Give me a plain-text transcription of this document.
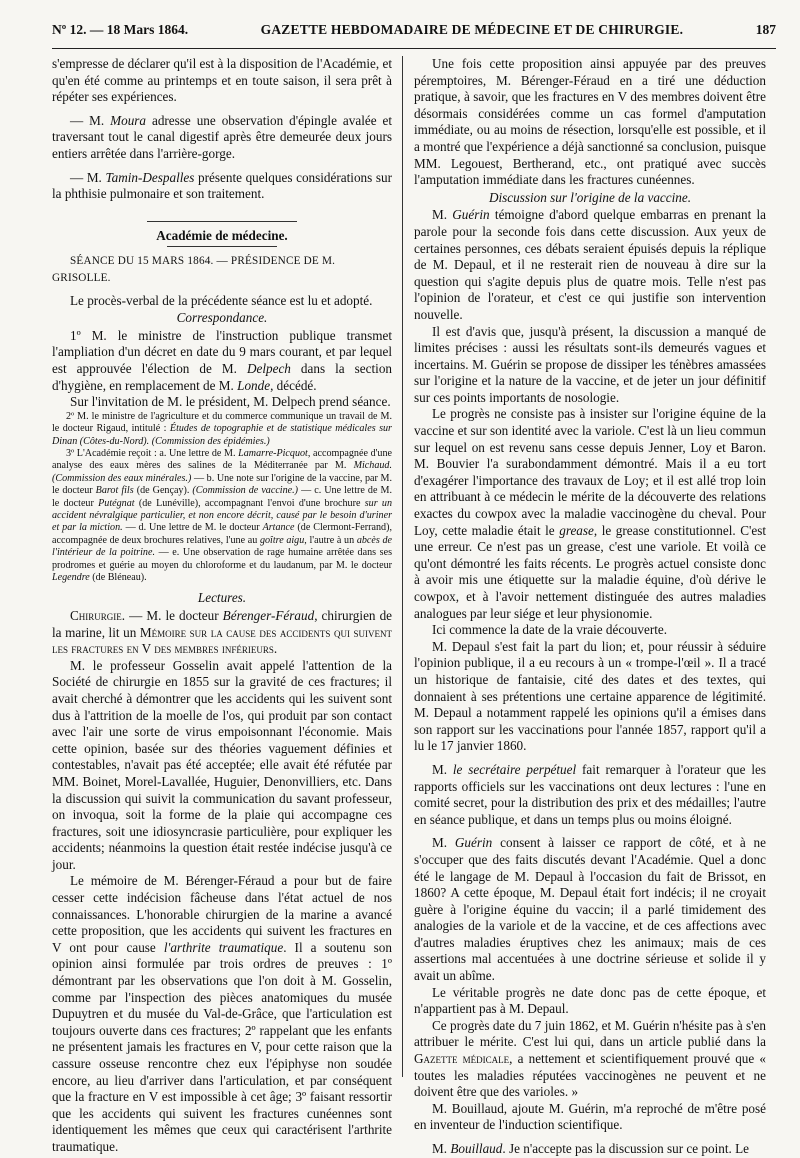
Nº 12. — 18 Mars 1864.	GAZETTE HEBDOMADAIRE DE MÉDECINE ET DE CHIRURGIE.	187

s'empresse de déclarer qu'il est à la disposition de l'Académie, et qu'en été comme au printemps et en toute saison, il sera prêt à répéter ses expériences.

— M. Moura adresse une observation d'épingle avalée et traversant tout le canal digestif après être demeurée deux jours entiers arrêtée dans l'arrière-gorge.

— M. Tamin-Despalles présente quelques considérations sur la phthisie pulmonaire et son traitement.

Académie de médecine.
SÉANCE DU 15 MARS 1864. — PRÉSIDENCE DE M. GRISOLLE.

Le procès-verbal de la précédente séance est lu et adopté.

Correspondance.

1º M. le ministre de l'instruction publique transmet l'ampliation d'un décret en date du 9 mars courant, et par lequel est approuvée l'élection de M. Delpech dans la section d'hygiène, en remplacement de M. Londe, décédé.

Sur l'invitation de M. le président, M. Delpech prend séance.

2º M. le ministre de l'agriculture et du commerce communique un travail de M. le docteur Rigaud, intitulé : Études de topographie et de statistique médicales sur Dinan (Côtes-du-Nord). (Commission des épidémies.)

3º L'Académie reçoit : a. Une lettre de M. Lamarre-Picquot, accompagnée d'une analyse des eaux mères des salines de la Méditerranée par M. Michaud. (Commission des eaux minérales.) — b. Une note sur l'origine de la vaccine, par M. le docteur Barot fils (de Gençay). (Commission de vaccine.) — c. Une lettre de M. le docteur Putégnat (de Lunéville), accompagnant l'envoi d'une brochure sur un accident névralgique particulier, et non encore décrit, causé par le besoin d'uriner et par la miction. — d. Une lettre de M. le docteur Artance (de Clermont-Ferrand), accompagnée de deux brochures relatives, l'une au goître aigu, l'autre à un abcès de l'intérieur de la poitrine. — e. Une observation de rage humaine arrêtée dans ses prodromes et guérie au moyen du chloroforme et du laudanum, par M. le docteur Legendre (de Bléneau).

Lectures.

Chirurgie. — M. le docteur Bérenger-Féraud, chirurgien de la marine, lit un Mémoire sur la cause des accidents qui suivent les fractures en V des membres inférieurs.

M. le professeur Gosselin avait appelé l'attention de la Société de chirurgie en 1855 sur la gravité de ces fractures; il avait cherché à démontrer que les accidents qui les suivent sont dus à l'attrition de la moelle de l'os, qui produit par son contact avec l'air une sorte de virus empoisonnant l'économie. Mais cette opinion, basée sur des théories vaguement définies et contestables, n'avait pas été acceptée; elle avait été réfutée par MM. Boinet, Morel-Lavallée, Huguier, Denonvilliers, etc. Dans la discussion qui suivit la communication du savant professeur, on invoqua, soit la forme de la plaie qui accompagne ces fractures, soit une idiosyncrasie particulière, pour expliquer les accidents; néanmoins la question était restée indécise jusqu'à ce jour.

Le mémoire de M. Bérenger-Féraud a pour but de faire cesser cette indécision fâcheuse dans l'état actuel de nos connaissances. L'honorable chirurgien de la marine a avancé cette proposition, que les accidents qui suivent les fractures en V ont pour cause l'arthrite traumatique. Il a soutenu son opinion ainsi formulée par trois ordres de preuves : 1º démontrant par les observations que l'on doit à M. Gosselin, comme par l'inspection des pièces anatomiques du musée Dupuytren et du musée du Val-de-Grâce, que l'articulation est toujours ouverte dans ces fractures; 2º rappelant que les enfants ne présentent jamais les fractures en V, pour cette raison que la cassure osseuse rencontre chez eux l'épiphyse non soudée encore, au lieu d'arriver dans l'articulation, et par conséquent que la fracture en V est impossible à cet âge; 3º faisant ressortir que les accidents qui suivent les fractures cunéennes sont identiquement les mêmes que ceux qui caractérisent l'arthrite traumatique.

Une fois cette proposition ainsi appuyée par des preuves péremptoires, M. Bérenger-Féraud en a tiré une déduction pratique, à savoir, que les fractures en V des membres doivent être désormais considérées comme un cas formel d'amputation immédiate, ou au moins de résection, lorsqu'elle est possible, et il a montré que l'expérience a déjà sanctionné sa conclusion, puisque MM. Legouest, Bertherand, etc., ont pratiqué avec succès l'amputation immédiate dans les fractures cunéennes.

Discussion sur l'origine de la vaccine.

M. Guérin témoigne d'abord quelque embarras en prenant la parole pour la seconde fois dans cette discussion. Aux yeux de certaines personnes, ces débats seraient épuisés depuis la réplique de M. Depaul, et il ne resterait rien de nouveau à dire sur la question qui s'agite depuis plus de quatre mois. Telle n'est pas l'opinion de l'orateur, et c'est ce qui justifie son intervention nouvelle.

Il est d'avis que, jusqu'à présent, la discussion a manqué de limites précises : aussi les résultats sont-ils demeurés vagues et incertains. M. Guérin se propose de dissiper les ténèbres amassées sur l'origine et la nature de la vaccine, et de jeter un jour définitif sur ces points importants de nosologie.

Le progrès ne consiste pas à insister sur l'origine équine de la vaccine et sur son identité avec la variole. C'est là un lieu commun sur lequel on est revenu sans cesse depuis Jenner, Loy et Baron. M. Bouvier l'a surabondamment démontré. Mais il a eu tort d'exagérer l'importance des travaux de Loy; et il est allé trop loin en attribuant à ce médecin le mérite de la découverte des relations exactes du cowpox avec la maladie vaccinogène du cheval. Pour Loy, cette maladie était le grease, le grease constitutionnel. C'est une erreur. Ce n'est pas un grease, c'est une variole. Et voilà ce qu'ont démontré les faits récents. Le progrès actuel consiste donc à avoir mis une étiquette sur la maladie équine, d'où dérive le cowpox, et à l'avoir nettement distinguée des autres maladies analogues par leur siége et leur physionomie.

Ici commence la date de la vraie découverte.

M. Depaul s'est fait la part du lion; et, pour réussir à séduire l'opinion publique, il a eu recours à un « trompe-l'œil ». Il a tracé un historique de fantaisie, cité des dates et des textes, qui donnaient à ses prétentions une certaine apparence de légitimité. M. Depaul a notamment rappelé les opinions qu'il a émises dans son rapport sur les vaccinations pour l'année 1857, rapport qu'il a lu le 17 janvier 1860.

M. le secrétaire perpétuel fait remarquer à l'orateur que les rapports officiels sur les vaccinations ont deux lectures : l'une en comité secret, pour la distribution des prix et des médailles; l'autre en séance publique, et dans un temps plus ou moins éloigné.

M. Guérin consent à laisser ce rapport de côté, et à ne s'occuper que des faits discutés devant l'Académie. Quel a donc été le langage de M. Depaul à l'occasion du fait de Brissot, en 1860? A cette époque, M. Depaul était fort indécis; il ne croyait guère à l'origine équine du vaccin; il a parlé timidement des analogies de la variole et de la vaccine, et de ces affections avec d'autres maladies éruptives chez les animaux; mais de ces assertions mal accentuées à une doctrine sérieuse et solide il y avait un abîme.

Le véritable progrès ne date donc pas de cette époque, et n'appartient pas à M. Depaul.

Ce progrès date du 7 juin 1862, et M. Guérin n'hésite pas à s'en attribuer le mérite. C'est lui qui, dans un article publié dans la Gazette médicale, a nettement et scientifiquement prouvé que « toutes les maladies réputées vaccinogènes ne peuvent et ne doivent être que des varioles. »

M. Bouillaud, ajoute M. Guérin, m'a reproché de m'être posé en inventeur de l'induction scientifique.

M. Bouillaud. Je n'accepte pas la discussion sur ce point. Le
